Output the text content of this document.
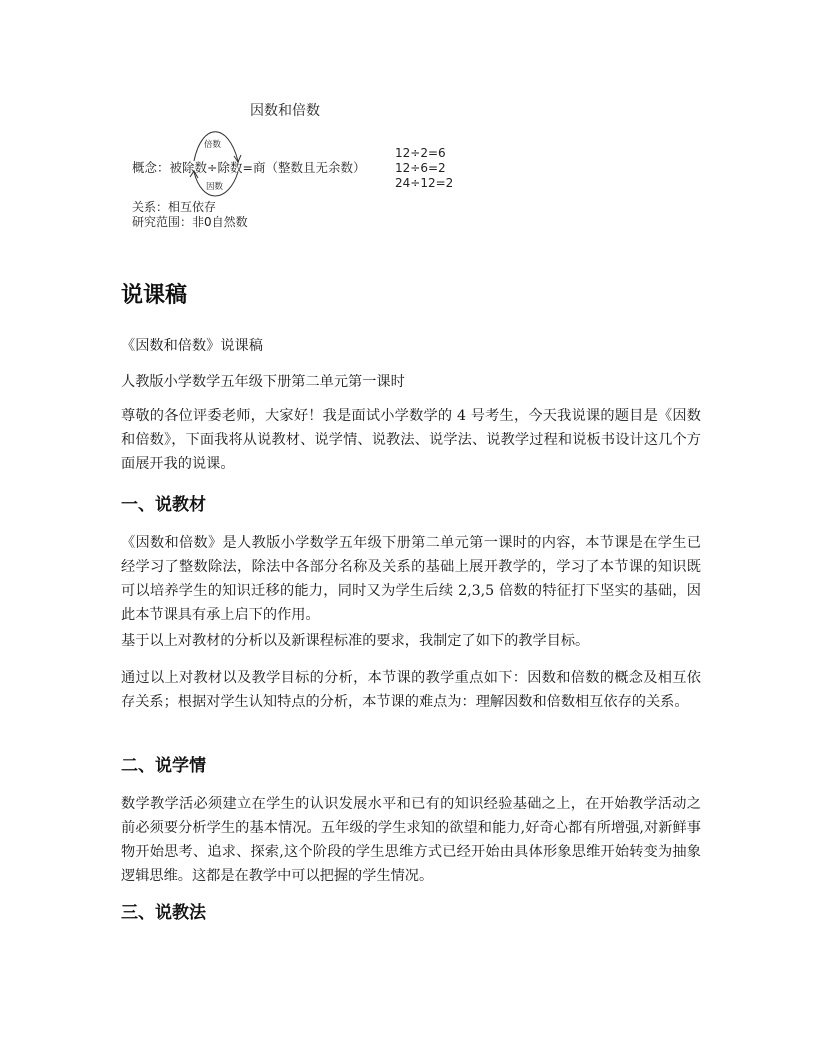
因数和倍数
倍数
概念：被除数÷除数=商（整数且无余数）
因数
关系：相互依存
研究范围：非0自然数
12÷2=6
12÷6=2
24÷12=2
说课稿

《因数和倍数》说课稿

人教版小学数学五年级下册第二单元第一课时

尊敬的各位评委老师，大家好！我是面试小学数学的 4 号考生，今天我说课的题目是《因数和倍数》，下面我将从说教材、说学情、说教法、说学法、说教学过程和说板书设计这几个方面展开我的说课。

一、说教材

《因数和倍数》是人教版小学数学五年级下册第二单元第一课时的内容，本节课是在学生已经学习了整数除法，除法中各部分名称及关系的基础上展开教学的，学习了本节课的知识既可以培养学生的知识迁移的能力，同时又为学生后续 2,3,5 倍数的特征打下坚实的基础，因此本节课具有承上启下的作用。

基于以上对教材的分析以及新课程标准的要求，我制定了如下的教学目标。

通过以上对教材以及教学目标的分析，本节课的教学重点如下：因数和倍数的概念及相互依存关系；根据对学生认知特点的分析，本节课的难点为：理解因数和倍数相互依存的关系。

二、说学情

数学教学活必须建立在学生的认识发展水平和已有的知识经验基础之上，在开始教学活动之前必须要分析学生的基本情况。五年级的学生求知的欲望和能力,好奇心都有所增强,对新鲜事物开始思考、追求、探索,这个阶段的学生思维方式已经开始由具体形象思维开始转变为抽象逻辑思维。这都是在教学中可以把握的学生情况。

三、说教法
